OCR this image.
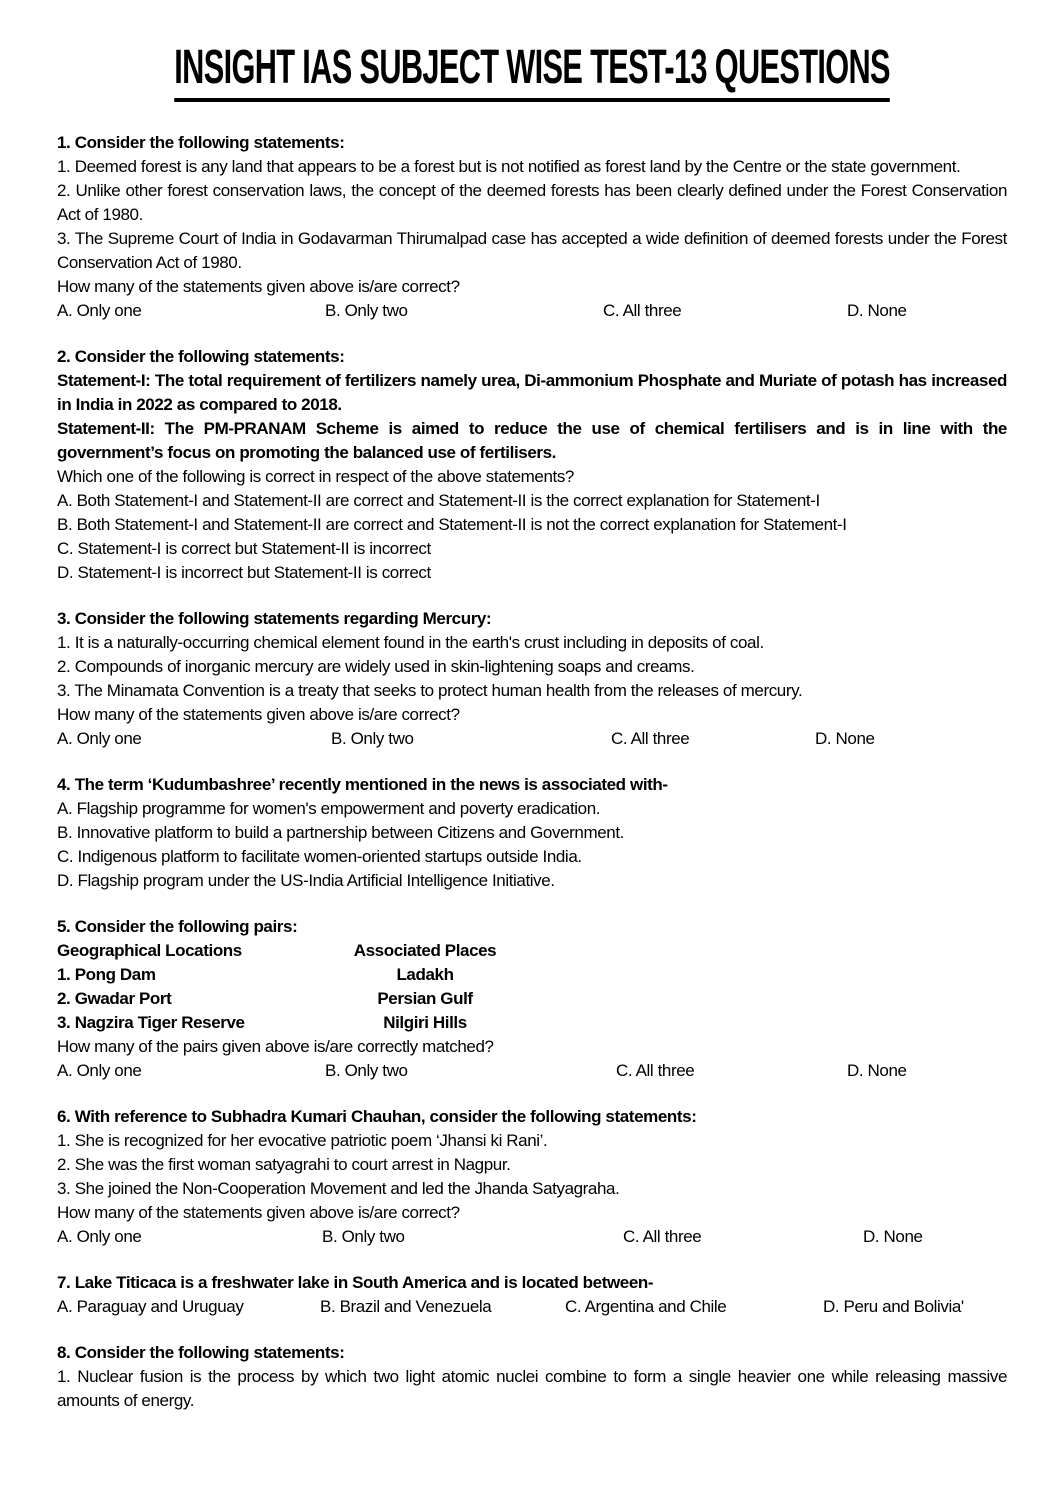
INSIGHT IAS SUBJECT WISE TEST-13 QUESTIONS
1. Consider the following statements:
1. Deemed forest is any land that appears to be a forest but is not notified as forest land by the Centre or the state government.
2. Unlike other forest conservation laws, the concept of the deemed forests has been clearly defined under the Forest Conservation Act of 1980.
3. The Supreme Court of India in Godavarman Thirumalpad case has accepted a wide definition of deemed forests under the Forest Conservation Act of 1980.
How many of the statements given above is/are correct?
A. Only one	B. Only two	C. All three	D. None
2. Consider the following statements:
Statement-I: The total requirement of fertilizers namely urea, Di-ammonium Phosphate and Muriate of potash has increased in India in 2022 as compared to 2018.
Statement-II: The PM-PRANAM Scheme is aimed to reduce the use of chemical fertilisers and is in line with the government’s focus on promoting the balanced use of fertilisers.
Which one of the following is correct in respect of the above statements?
A. Both Statement-I and Statement-II are correct and Statement-II is the correct explanation for Statement-I
B. Both Statement-I and Statement-II are correct and Statement-II is not the correct explanation for Statement-I
C. Statement-I is correct but Statement-II is incorrect
D. Statement-I is incorrect but Statement-II is correct
3. Consider the following statements regarding Mercury:
1. It is a naturally-occurring chemical element found in the earth's crust including in deposits of coal.
2. Compounds of inorganic mercury are widely used in skin-lightening soaps and creams.
3. The Minamata Convention is a treaty that seeks to protect human health from the releases of mercury.
How many of the statements given above is/are correct?
A. Only one	B. Only two	C. All three	D. None
4. The term ‘Kudumbashree’ recently mentioned in the news is associated with-
A. Flagship programme for women's empowerment and poverty eradication.
B. Innovative platform to build a partnership between Citizens and Government.
C. Indigenous platform to facilitate women-oriented startups outside India.
D. Flagship program under the US-India Artificial Intelligence Initiative.
5. Consider the following pairs:
Geographical Locations	Associated Places
1. Pong Dam	Ladakh
2. Gwadar Port	Persian Gulf
3. Nagzira Tiger Reserve	Nilgiri Hills
How many of the pairs given above is/are correctly matched?
A. Only one	B. Only two	C. All three	D. None
6. With reference to Subhadra Kumari Chauhan, consider the following statements:
1. She is recognized for her evocative patriotic poem ‘Jhansi ki Rani’.
2. She was the first woman satyagrahi to court arrest in Nagpur.
3. She joined the Non-Cooperation Movement and led the Jhanda Satyagraha.
How many of the statements given above is/are correct?
A. Only one	B. Only two	C. All three	D. None
7. Lake Titicaca is a freshwater lake in South America and is located between-
A. Paraguay and Uruguay	B. Brazil and Venezuela	C. Argentina and Chile	D. Peru and Bolivia'
8. Consider the following statements:
1. Nuclear fusion is the process by which two light atomic nuclei combine to form a single heavier one while releasing massive amounts of energy.
